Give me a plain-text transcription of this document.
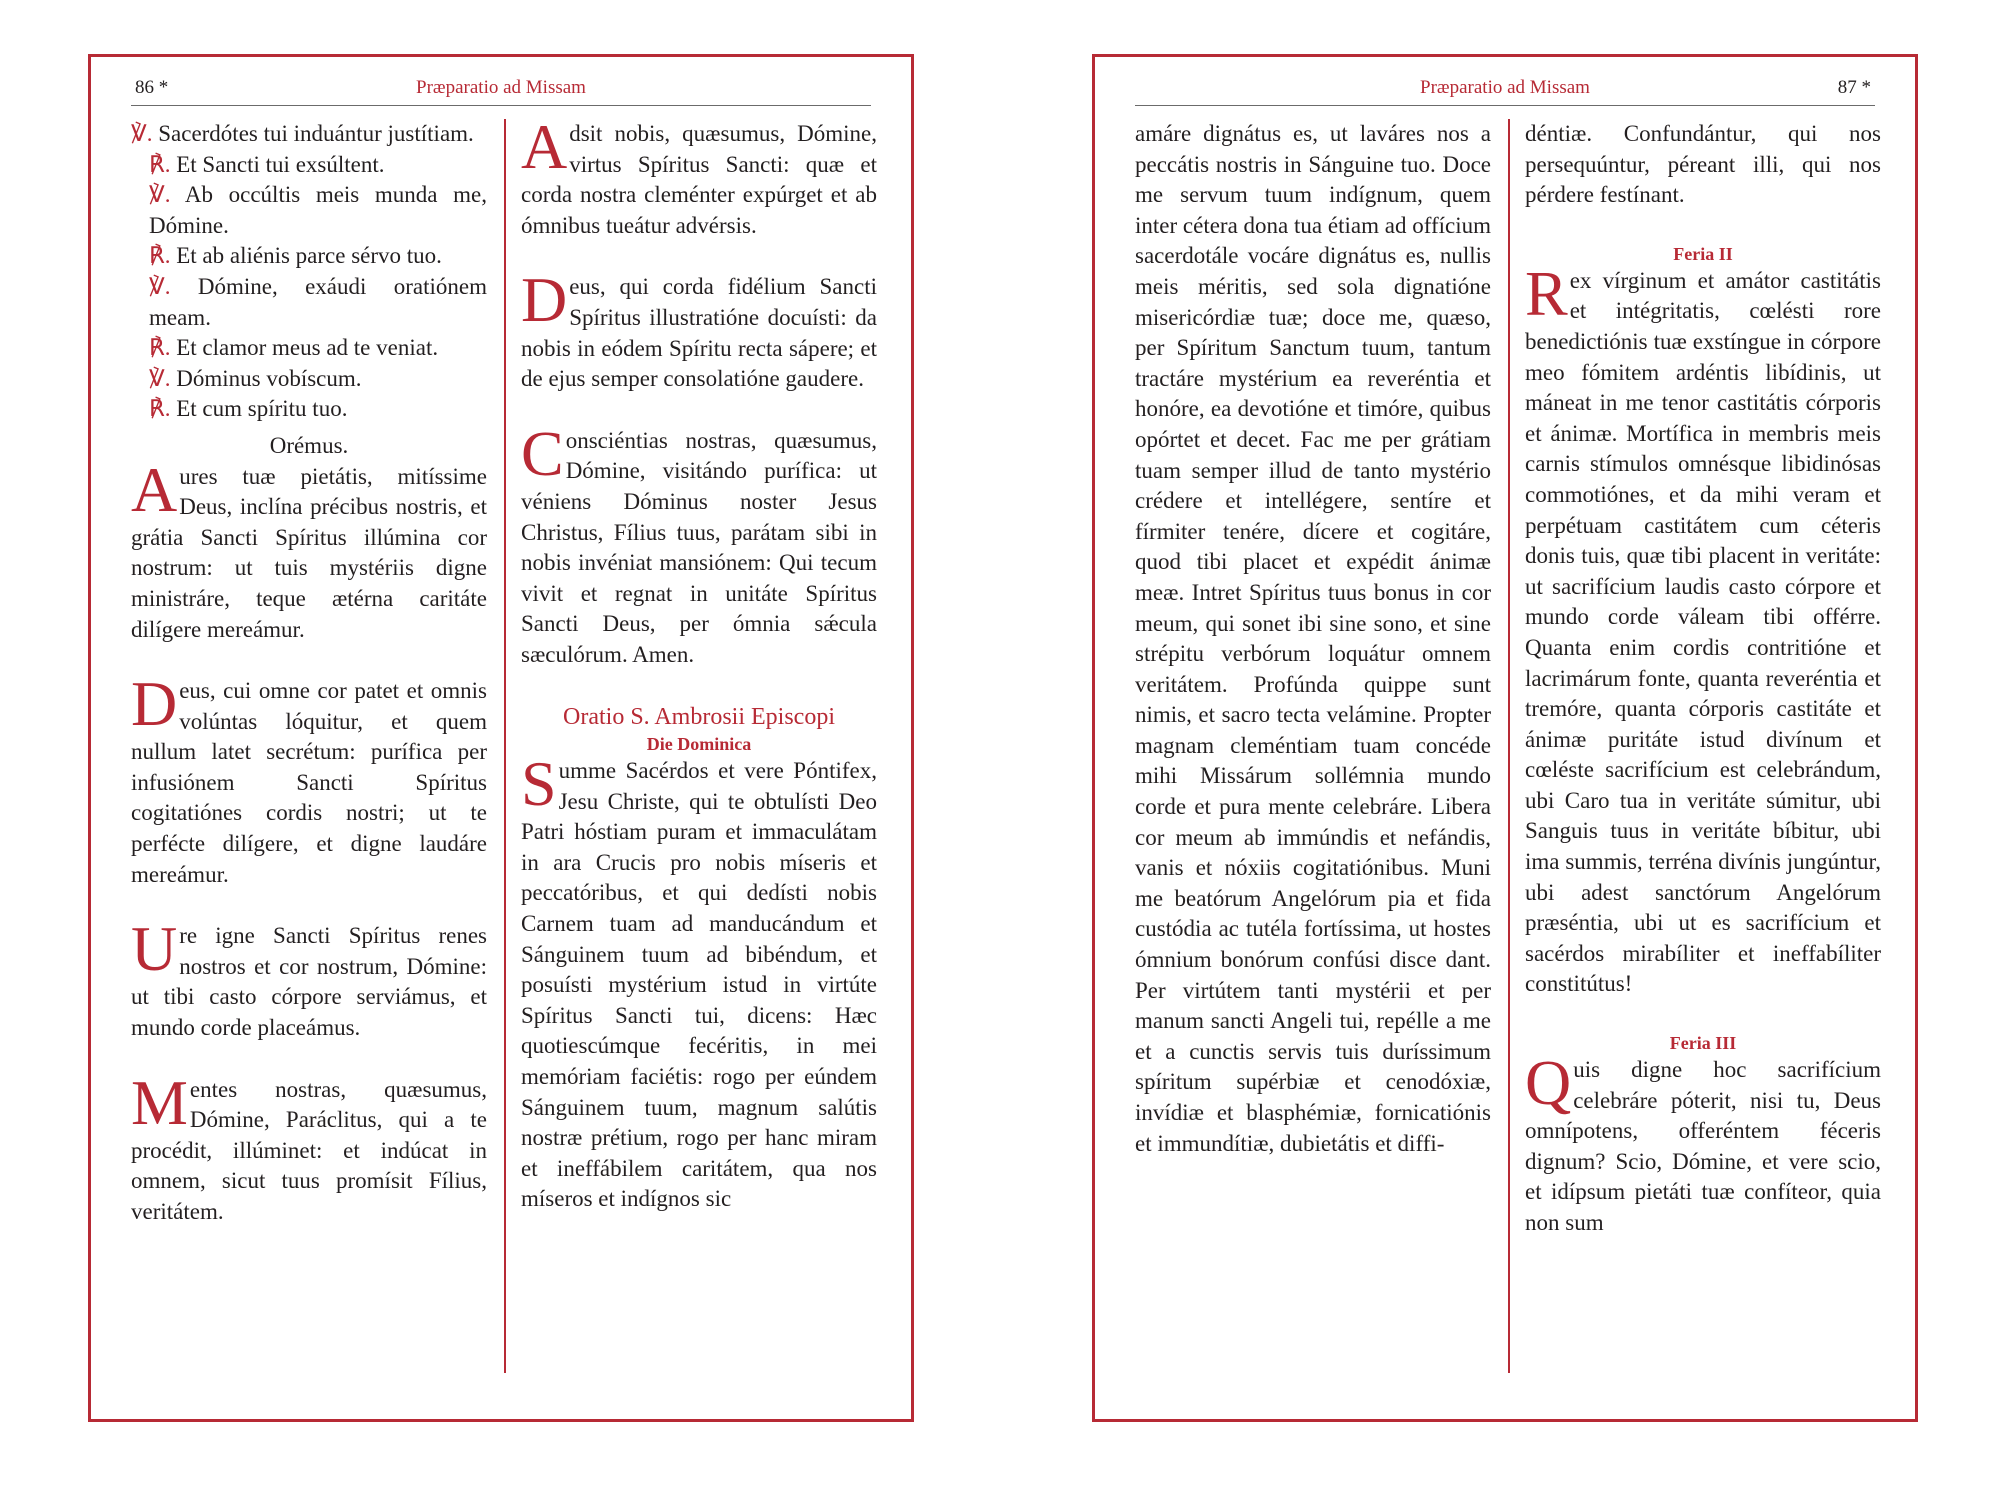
86 *	Præparatio ad Missam

℣. Sacerdótes tui induántur justítiam.

℟. Et Sancti tui exsúltent.

℣. Ab occúltis meis munda me, Dómine.

℟. Et ab aliénis parce sérvo tuo.

℣. Dómine, exáudi oratiónem meam.

℟. Et clamor meus ad te veniat.

℣. Dóminus vobíscum.

℟. Et cum spíritu tuo.

Orémus.

Aures tuæ pietátis, mitíssime Deus, inclína précibus nostris, et grátia Sancti Spíritus illúmina cor nostrum: ut tuis mystériis digne ministráre, teque ætérna caritáte dilígere mereámur.

Deus, cui omne cor patet et omnis volúntas lóquitur, et quem nullum latet secrétum: purífica per infusiónem Sancti Spíritus cogitatiónes cordis nostri; ut te perfécte dilígere, et digne laudáre mereámur.

Ure igne Sancti Spíritus renes nostros et cor nostrum, Dómine: ut tibi casto córpore serviámus, et mundo corde placeámus.

Mentes nostras, quæsumus, Dómine, Paráclitus, qui a te procédit, illúminet: et indúcat in omnem, sicut tuus promísit Fílius, veritátem.

Adsit nobis, quæsumus, Dómine, virtus Spíritus Sancti: quæ et corda nostra cleménter expúrget et ab ómnibus tueátur advérsis.

Deus, qui corda fidélium Sancti Spíritus illustratióne docuísti: da nobis in eódem Spíritu recta sápere; et de ejus semper consolatióne gaudere.

Consciéntias nostras, quæsumus, Dómine, visitándo purífica: ut véniens Dóminus noster Jesus Christus, Fílius tuus, parátam sibi in nobis invéniat mansiónem: Qui tecum vivit et regnat in unitáte Spíritus Sancti Deus, per ómnia sǽcula sæculórum. Amen.

Oratio S. Ambrosii Episcopi

Die Dominica

Summe Sacérdos et vere Póntifex, Jesu Christe, qui te obtulísti Deo Patri hóstiam puram et immaculátam in ara Crucis pro nobis míseris et peccatóribus, et qui dedísti nobis Carnem tuam ad manducándum et Sánguinem tuum ad bibéndum, et posuísti mystérium istud in virtúte Spíritus Sancti tui, dicens: Hæc quotiescúmque fecéritis, in mei memóriam faciétis: rogo per eúndem Sánguinem tuum, magnum salútis nostræ prétium, rogo per hanc miram et ineffábilem caritátem, qua nos míseros et indígnos sic

Præparatio ad Missam	87 *

amáre dignátus es, ut laváres nos a peccátis nostris in Sánguine tuo. Doce me servum tuum indígnum, quem inter cétera dona tua étiam ad offícium sacerdotále vocáre dignátus es, nullis meis méritis, sed sola dignatióne misericórdiæ tuæ; doce me, quæso, per Spíritum Sanctum tuum, tantum tractáre mystérium ea reveréntia et honóre, ea devotióne et timóre, quibus opórtet et decet. Fac me per grátiam tuam semper illud de tanto mystério crédere et intellégere, sentíre et fírmiter tenére, dícere et cogitáre, quod tibi placet et expédit ánimæ meæ. Intret Spíritus tuus bonus in cor meum, qui sonet ibi sine sono, et sine strépitu verbórum loquátur omnem veritátem. Profúnda quippe sunt nimis, et sacro tecta velámine. Propter magnam cleméntiam tuam concéde mihi Missárum sollémnia mundo corde et pura mente celebráre. Libera cor meum ab immúndis et nefándis, vanis et nóxiis cogitatiónibus. Muni me beatórum Angelórum pia et fida custódia ac tutéla fortíssima, ut hostes ómnium bonórum confúsi disce dant. Per virtútem tanti mystérii et per manum sancti Angeli tui, repélle a me et a cunctis servis tuis duríssimum spíritum supérbiæ et cenodóxiæ, invídiæ et blasphémiæ, fornicatiónis et immundítiæ, dubietátis et diffi-

déntiæ. Confundántur, qui nos persequúntur, péreant illi, qui nos pérdere festínant.

Feria II

Rex vírginum et amátor castitátis et intégritatis, cœlésti rore benedictiónis tuæ exstíngue in córpore meo fómitem ardéntis libídinis, ut máneat in me tenor castitátis córporis et ánimæ. Mortífica in membris meis carnis stímulos omnésque libidinósas commotiónes, et da mihi veram et perpétuam castitátem cum céteris donis tuis, quæ tibi placent in veritáte: ut sacrifícium laudis casto córpore et mundo corde váleam tibi offérre. Quanta enim cordis contritióne et lacrimárum fonte, quanta reveréntia et tremóre, quanta córporis castitáte et ánimæ puritáte istud divínum et cœléste sacrifícium est celebrándum, ubi Caro tua in veritáte súmitur, ubi Sanguis tuus in veritáte bíbitur, ubi ima summis, terréna divínis jungúntur, ubi adest sanctórum Angelórum præséntia, ubi ut es sacrifícium et sacérdos mirabíliter et ineffabíliter constitútus!

Feria III

Quis digne hoc sacrifícium celebráre póterit, nisi tu, Deus omnípotens, offeréntem féceris dignum? Scio, Dómine, et vere scio, et idípsum pietáti tuæ confíteor, quia non sum
